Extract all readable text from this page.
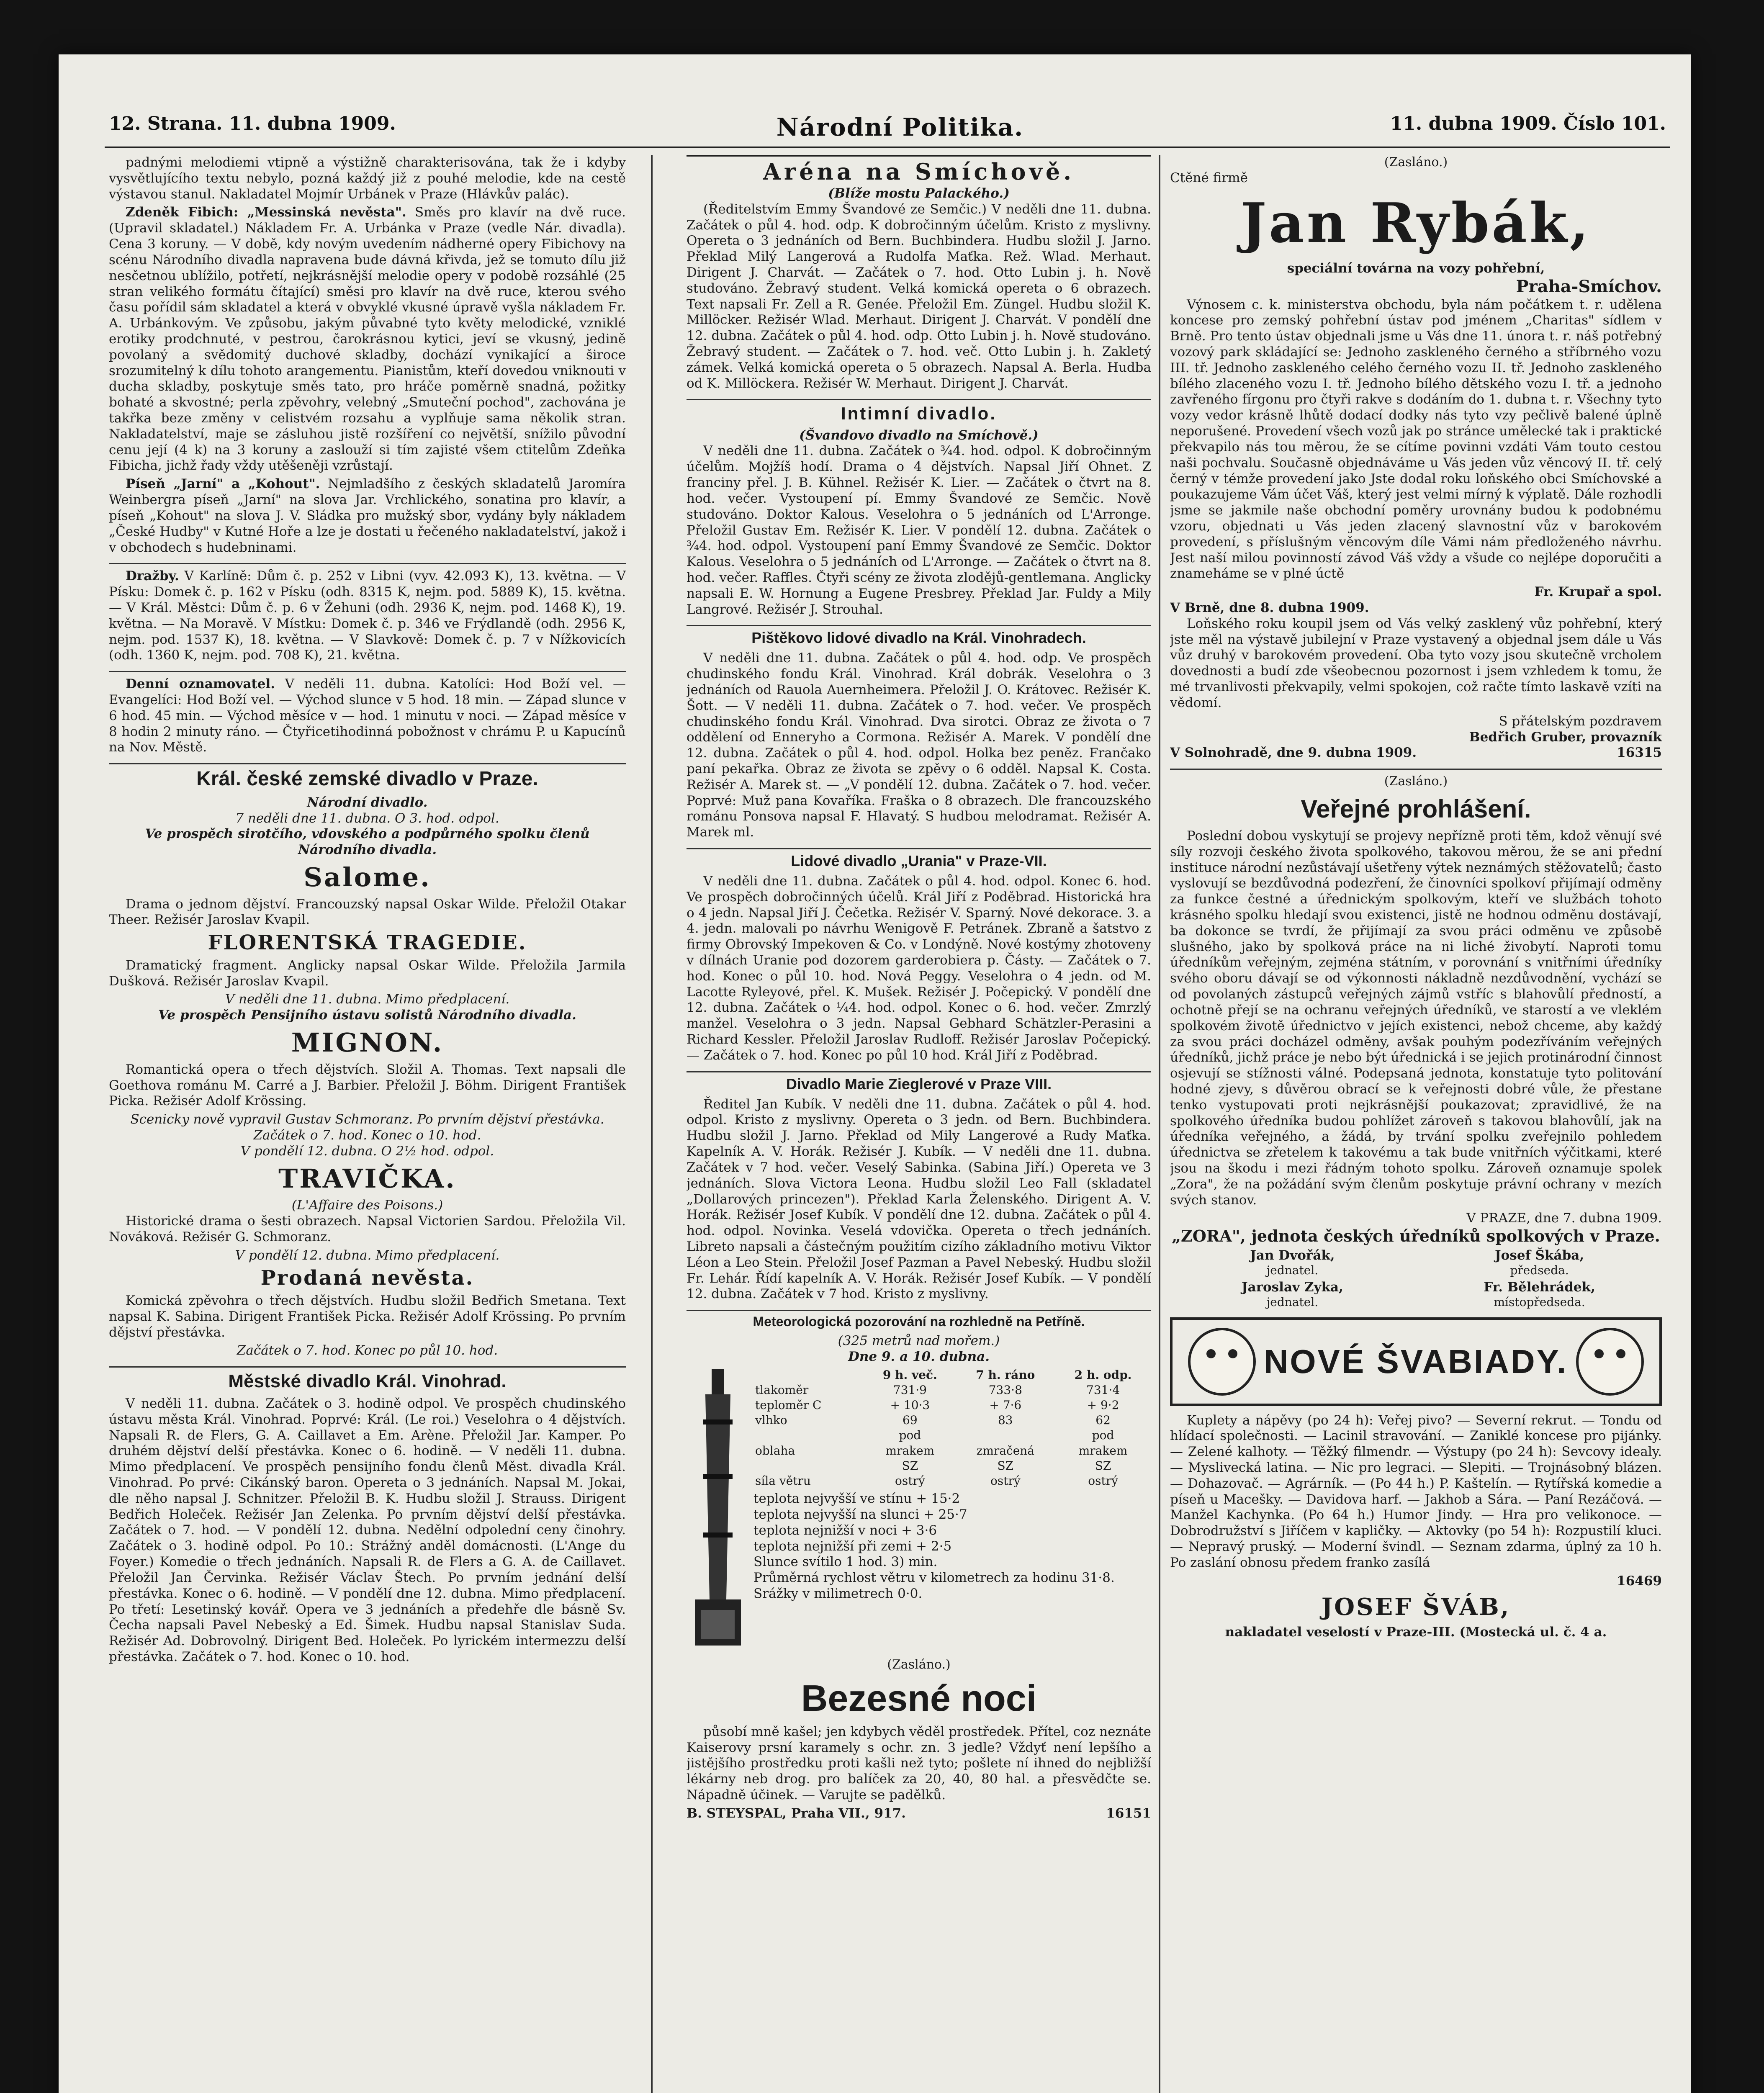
12. Strana. 11. dubna 1909.	Národní Politika.	11. dubna 1909. Číslo 101.

padnými melodiemi vtipně a výstižně charakterisována, tak že i kdyby vysvětlujícího textu nebylo, pozná každý již z pouhé melodie, kde na cestě výstavou stanul. Nakladatel Mojmír Urbánek v Praze (Hlávkův palác).

Zdeněk Fibich: „Messinská nevěsta". Směs pro klavír na dvě ruce. (Upravil skladatel.) Nákladem Fr. A. Urbánka v Praze (vedle Nár. divadla). Cena 3 koruny. — V době, kdy novým uvedením nádherné opery Fibichovy na scénu Národního divadla napravena bude dávná křivda, jež se tomuto dílu již nesčetnou ublížilo, potřetí, nejkrásnější melodie opery v podobě rozsáhlé (25 stran velikého formátu čítající) směsi pro klavír na dvě ruce, kterou svého času pořídil sám skladatel a která v obvyklé vkusné úpravě vyšla nákladem Fr. A. Urbánkovým. Ve způsobu, jakým půvabné tyto květy melodické, vzniklé erotiky prodchnuté, v pestrou, čarokrásnou kytici, jeví se vkusný, jedině povolaný a svědomitý duchové skladby, dochází vynikající a široce srozumitelný k dílu tohoto arangementu. Pianistům, kteří dovedou vniknouti v ducha skladby, poskytuje směs tato, pro hráče poměrně snadná, požitky bohaté a skvostné; perla zpěvohry, velebný „Smuteční pochod", zachována je takřka beze změny v celistvém rozsahu a vyplňuje sama několik stran. Nakladatelství, maje se zásluhou jistě rozšíření co největší, snížilo původní cenu její (4 k) na 3 koruny a zaslouží si tím zajisté všem ctitelům Zdeňka Fibicha, jichž řady vždy utěšeněji vzrůstají.

Píseň „Jarní" a „Kohout". Nejmladšího z českých skladatelů Jaromíra Weinbergra píseň „Jarní" na slova Jar. Vrchlického, sonatina pro klavír, a píseň „Kohout" na slova J. V. Sládka pro mužský sbor, vydány byly nákladem „České Hudby" v Kutné Hoře a lze je dostati u řečeného nakladatelství, jakož i v obchodech s hudebninami.

Dražby. V Karlíně: Dům č. p. 252 v Libni (vyv. 42.093 K), 13. května. — V Písku: Domek č. p. 162 v Písku (odh. 8315 K, nejm. pod. 5889 K), 15. května. — V Král. Městci: Dům č. p. 6 v Žehuni (odh. 2936 K, nejm. pod. 1468 K), 19. května. — Na Moravě. V Místku: Domek č. p. 346 ve Frýdlandě (odh. 2956 K, nejm. pod. 1537 K), 18. května. — V Slavkově: Domek č. p. 7 v Nížkovicích (odh. 1360 K, nejm. pod. 708 K), 21. května.

Denní oznamovatel. V neděli 11. dubna. Katolíci: Hod Boží vel. — Evangelíci: Hod Boží vel. — Východ slunce v 5 hod. 18 min. — Západ slunce v 6 hod. 45 min. — Východ měsíce v — hod. 1 minutu v noci. — Západ měsíce v 8 hodin 2 minuty ráno. — Čtyřicetihodinná pobožnost v chrámu P. u Kapucínů na Nov. Městě.

Král. české zemské divadlo v Praze.
Národní divadlo.
7 neděli dne 11. dubna. O 3. hod. odpol.
Ve prospěch sirotčího, vdovského a podpůrného spolku členů Národního divadla.
Salome.

Drama o jednom dějství. Francouzský napsal Oskar Wilde. Přeložil Otakar Theer. Režisér Jaroslav Kvapil.

FLORENTSKÁ TRAGEDIE.

Dramatický fragment. Anglicky napsal Oskar Wilde. Přeložila Jarmila Dušková. Režisér Jaroslav Kvapil.

V neděli dne 11. dubna. Mimo předplacení.
Ve prospěch Pensijního ústavu solistů Národního divadla.
MIGNON.

Romantická opera o třech dějstvích. Složil A. Thomas. Text napsali dle Goethova románu M. Carré a J. Barbier. Přeložil J. Böhm. Dirigent František Picka. Režisér Adolf Krössing.

Scenicky nově vypravil Gustav Schmoranz. Po prvním dějství přestávka.
Začátek o 7. hod. Konec o 10. hod.
V pondělí 12. dubna. O 2½ hod. odpol.
TRAVIČKA.
(L'Affaire des Poisons.)

Historické drama o šesti obrazech. Napsal Victorien Sardou. Přeložila Vil. Nováková. Režisér G. Schmoranz.

V pondělí 12. dubna. Mimo předplacení.
Prodaná nevěsta.

Komická zpěvohra o třech dějstvích. Hudbu složil Bedřich Smetana. Text napsal K. Sabina. Dirigent František Picka. Režisér Adolf Krössing. Po prvním dějství přestávka.

Začátek o 7. hod. Konec po půl 10. hod.
Městské divadlo Král. Vinohrad.

V neděli 11. dubna. Začátek o 3. hodině odpol. Ve prospěch chudinského ústavu města Král. Vinohrad. Poprvé: Král. (Le roi.) Veselohra o 4 dějstvích. Napsali R. de Flers, G. A. Caillavet a Em. Arène. Přeložil Jar. Kamper. Po druhém dějství delší přestávka. Konec o 6. hodině. — V neděli 11. dubna. Mimo předplacení. Ve prospěch pensijního fondu členů Měst. divadla Král. Vinohrad. Po prvé: Cikánský baron. Opereta o 3 jednáních. Napsal M. Jokai, dle něho napsal J. Schnitzer. Přeložil B. K. Hudbu složil J. Strauss. Dirigent Bedřich Holeček. Režisér Jan Zelenka. Po prvním dějství delší přestávka. Začátek o 7. hod. — V pondělí 12. dubna. Nedělní odpolední ceny činohry. Začátek o 3. hodině odpol. Po 10.: Strážný anděl domácnosti. (L'Ange du Foyer.) Komedie o třech jednáních. Napsali R. de Flers a G. A. de Caillavet. Přeložil Jan Červinka. Režisér Václav Štech. Po prvním jednání delší přestávka. Konec o 6. hodině. — V pondělí dne 12. dubna. Mimo předplacení. Po třetí: Lesetinský kovář. Opera ve 3 jednáních a předehře dle básně Sv. Čecha napsali Pavel Nebeský a Ed. Šimek. Hudbu napsal Stanislav Suda. Režisér Ad. Dobrovolný. Dirigent Bed. Holeček. Po lyrickém intermezzu delší přestávka. Začátek o 7. hod. Konec o 10. hod.

Aréna na Smíchově.
(Blíže mostu Palackého.)

(Ředitelstvím Emmy Švandové ze Semčic.) V neděli dne 11. dubna. Začátek o půl 4. hod. odp. K dobročinným účelům. Kristo z myslivny. Opereta o 3 jednáních od Bern. Buchbindera. Hudbu složil J. Jarno. Překlad Milý Langerová a Rudolfa Maťka. Rež. Wlad. Merhaut. Dirigent J. Charvát. — Začátek o 7. hod. Otto Lubin j. h. Nově studováno. Žebravý student. Velká komická opereta o 6 obrazech. Text napsali Fr. Zell a R. Genée. Přeložil Em. Züngel. Hudbu složil K. Millöcker. Režisér Wlad. Merhaut. Dirigent J. Charvát. V pondělí dne 12. dubna. Začátek o půl 4. hod. odp. Otto Lubin j. h. Nově studováno. Žebravý student. — Začátek o 7. hod. več. Otto Lubin j. h. Zakletý zámek. Velká komická opereta o 5 obrazech. Napsal A. Berla. Hudba od K. Millöckera. Režisér W. Merhaut. Dirigent J. Charvát.

Intimní divadlo.
(Švandovo divadlo na Smíchově.)

V neděli dne 11. dubna. Začátek o ¾4. hod. odpol. K dobročinným účelům. Mojžíš hodí. Drama o 4 dějstvích. Napsal Jiří Ohnet. Z franciny přel. J. B. Kühnel. Režisér K. Lier. — Začátek o čtvrt na 8. hod. večer. Vystoupení pí. Emmy Švandové ze Semčic. Nově studováno. Doktor Kalous. Veselohra o 5 jednáních od L'Arronge. Přeložil Gustav Em. Režisér K. Lier. V pondělí 12. dubna. Začátek o ¾4. hod. odpol. Vystoupení paní Emmy Švandové ze Semčic. Doktor Kalous. Veselohra o 5 jednáních od L'Arronge. — Začátek o čtvrt na 8. hod. večer. Raffles. Čtyři scény ze života zlodějů-gentlemana. Anglicky napsali E. W. Hornung a Eugene Presbrey. Překlad Jar. Fuldy a Mily Langrové. Režisér J. Strouhal.

Pištěkovo lidové divadlo na Král. Vinohradech.

V neděli dne 11. dubna. Začátek o půl 4. hod. odp. Ve prospěch chudinského fondu Král. Vinohrad. Král dobrák. Veselohra o 3 jednáních od Rauola Auernheimera. Přeložil J. O. Krátovec. Režisér K. Šott. — V neděli 11. dubna. Začátek o 7. hod. večer. Ve prospěch chudinského fondu Král. Vinohrad. Dva sirotci. Obraz ze života o 7 oddělení od Enneryho a Cormona. Režisér A. Marek. V pondělí dne 12. dubna. Začátek o půl 4. hod. odpol. Holka bez peněz. Frančako paní pekařka. Obraz ze života se zpěvy o 6 odděl. Napsal K. Costa. Režisér A. Marek st. — „V pondělí 12. dubna. Začátek o 7. hod. večer. Poprvé: Muž pana Kovaříka. Fraška o 8 obrazech. Dle francouzského románu Ponsova napsal F. Hlavatý. S hudbou melodramat. Režisér A. Marek ml.

Lidové divadlo „Urania" v Praze-VII.

V neděli dne 11. dubna. Začátek o půl 4. hod. odpol. Konec 6. hod. Ve prospěch dobročinných účelů. Král Jiří z Poděbrad. Historická hra o 4 jedn. Napsal Jiří J. Čečetka. Režisér V. Sparný. Nové dekorace. 3. a 4. jedn. malovali po návrhu Wenigově F. Petránek. Zbraně a šatstvo z firmy Obrovský Impekoven & Co. v Londýně. Nové kostýmy zhotoveny v dílnách Uranie pod dozorem garderobiera p. Částy. — Začátek o 7. hod. Konec o půl 10. hod. Nová Peggy. Veselohra o 4 jedn. od M. Lacotte Ryleyové, přel. K. Mušek. Režisér J. Počepický. V pondělí dne 12. dubna. Začátek o ¼4. hod. odpol. Konec o 6. hod. večer. Zmrzlý manžel. Veselohra o 3 jedn. Napsal Gebhard Schätzler-Perasini a Richard Kessler. Přeložil Jaroslav Rudloff. Režisér Jaroslav Počepický. — Začátek o 7. hod. Konec po půl 10 hod. Král Jiří z Poděbrad.

Divadlo Marie Zieglerové v Praze VIII.

Ředitel Jan Kubík. V neděli dne 11. dubna. Začátek o půl 4. hod. odpol. Kristo z myslivny. Opereta o 3 jedn. od Bern. Buchbindera. Hudbu složil J. Jarno. Překlad od Mily Langerové a Rudy Maťka. Kapelník A. V. Horák. Režisér J. Kubík. — V neděli dne 11. dubna. Začátek v 7 hod. večer. Veselý Sabinka. (Sabina Jiří.) Opereta ve 3 jednáních. Slova Victora Leona. Hudbu složil Leo Fall (skladatel „Dollarových princezen"). Překlad Karla Želenského. Dirigent A. V. Horák. Režisér Josef Kubík. V pondělí dne 12. dubna. Začátek o půl 4. hod. odpol. Novinka. Veselá vdovička. Opereta o třech jednáních. Libreto napsali a částečným použitím cizího základního motivu Viktor Léon a Leo Stein. Přeložil Josef Pazman a Pavel Nebeský. Hudbu složil Fr. Lehár. Řídí kapelník A. V. Horák. Režisér Josef Kubík. — V pondělí 12. dubna. Začátek v 7 hod. Kristo z myslivny.

Meteorologická pozorování na rozhledně na Petříně.
(325 metrů nad mořem.)
Dne 9. a 10. dubna.
	9 h. več.	7 h. ráno	2 h. odp.
tlakoměr	731·9	733·8	731·4
teploměr C	+ 10·3	+ 7·6	+ 9·2
vlhko	69	83	62
	pod		pod
oblaha	mrakem	zmračená	mrakem
	SZ	SZ	SZ
síla větru	ostrý	ostrý	ostrý
teplota nejvyšší ve stínu + 15·2
teplota nejvyšší na slunci + 25·7
teplota nejnižší v noci + 3·6
teplota nejnižší při zemi + 2·5
Slunce svítilo 1 hod. 3) min.
Průměrná rychlost větru v kilometrech za hodinu 31·8.
Srážky v milimetrech 0·0.
(Zasláno.)
Bezesné noci

působí mně kašel; jen kdybych věděl prostředek. Přítel, coz neznáte Kaiserovy prsní karamely s ochr. zn. 3 jedle? Vždyť není lepšího a jistějšího prostředku proti kašli než tyto; pošlete ní ihned do nejbližší lékárny neb drog. pro balíček za 20, 40, 80 hal. a přesvědčte se. Nápadně účinek. — Varujte se padělků.

B. STEYSPAL, Praha VII., 917.	16151
(Zasláno.)
Ctěné firmě
Jan Rybák,
speciální továrna na vozy pohřební,
Praha-Smíchov.

Výnosem c. k. ministerstva obchodu, byla nám počátkem t. r. udělena koncese pro zemský pohřební ústav pod jménem „Charitas" sídlem v Brně. Pro tento ústav objednali jsme u Vás dne 11. února t. r. náš potřebný vozový park skládající se: Jednoho zaskleného černého a stříbrného vozu III. tř. Jednoho zaskleného celého černého vozu II. tř. Jednoho zaskleného bílého zlaceného vozu I. tř. Jednoho bílého dětského vozu I. tř. a jednoho zavřeného fírgonu pro čtyři rakve s dodáním do 1. dubna t. r. Všechny tyto vozy vedor krásně lhůtě dodací dodky nás tyto vzy pečlivě balené úplně neporušené. Provedení všech vozů jak po stránce umělecké tak i praktické překvapilo nás tou měrou, že se cítíme povinni vzdáti Vám touto cestou naši pochvalu. Současně objednáváme u Vás jeden vůz věncový II. tř. celý černý v témže provedení jako Jste dodal roku loňského obci Smíchovské a poukazujeme Vám účet Váš, který jest velmi mírný k výplatě. Dále rozhodli jsme se jakmile naše obchodní poměry urovnány budou k podobnému vzoru, objednati u Vás jeden zlacený slavnostní vůz v barokovém provedení, s příslušným věncovým díle Vámi nám předloženého návrhu. Jest naší milou povinností závod Váš vždy a všude co nejlépe doporučiti a znameháme se v plné úctě

Fr. Krupař a spol.
V Brně, dne 8. dubna 1909.

Loňského roku koupil jsem od Vás velký zasklený vůz pohřební, který jste měl na výstavě jubilejní v Praze vystavený a objednal jsem dále u Vás vůz druhý v barokovém provedení. Oba tyto vozy jsou skutečně vrcholem dovednosti a budí zde všeobecnou pozornost i jsem vzhledem k tomu, že mé trvanlivosti překvapily, velmi spokojen, což račte tímto laskavě vzíti na vědomí.

S přátelským pozdravem
Bedřich Gruber, provazník
V Solnohradě, dne 9. dubna 1909.	16315
(Zasláno.)
Veřejné prohlášení.

Poslední dobou vyskytují se projevy nepřízně proti těm, kdož věnují své síly rozvoji českého života spolkového, takovou měrou, že se ani přední instituce národní nezůstávají ušetřeny výtek neznámých stěžovatelů; často vyslovují se bezdůvodná podezření, že činovníci spolkoví přijímají odměny za funkce čestné a úřednickým spolkovým, kteří ve službách tohoto krásného spolku hledají svou existenci, jistě ne hodnou odměnu dostávají, ba dokonce se tvrdí, že přijímají za svou práci odměnu ve způsobě slušného, jako by spolková práce na ni liché živobytí. Naproti tomu úředníkům veřejným, zejména státním, v porovnání s vnitřními úředníky svého oboru dávají se od výkonnosti nákladně nezdůvodnění, vychází se od povolaných zástupců veřejných zájmů vstříc s blahovůlí předností, a ochotně přejí se na ochranu veřejných úředníků, ve starostí a ve vleklém spolkovém životě úřednictvo v jejích existenci, nebož chceme, aby každý za svou práci docházel odměny, avšak pouhým podezříváním veřejných úředníků, jichž práce je nebo být úřednická i se jejich protinárodní činnost osjevují se stížnosti válné. Podepsaná jednota, konstatuje tyto politování hodné zjevy, s důvěrou obrací se k veřejnosti dobré vůle, že přestane tenko vystupovati proti nejkrásnější poukazovat; zpravidlivé, že na spolkového úředníka budou pohlížet zároveň s takovou blahovůlí, jak na úředníka veřejného, a žádá, by trvání spolku zveřejnilo pohledem úřednictva se zřetelem k takovému a tak bude vnitřních výčitkami, které jsou na škodu i mezi řádným tohoto spolku. Zároveň oznamuje spolek „Zora", že na požádání svým členům poskytuje právní ochrany v mezích svých stanov.

V PRAZE, dne 7. dubna 1909.
„ZORA", jednota českých úředníků spolkových v Praze.
Jan Dvořák,
jednatel.
Josef Škába,
předseda.
Jaroslav Zyka,
jednatel.
Fr. Bělehrádek,
místopředseda.
NOVÉ ŠVABIADY.

Kuplety a nápěvy (po 24 h): Veřej pivo? — Severní rekrut. — Tondu od hlídací společnosti. — Lacinil stravování. — Zaniklé koncese pro pijánky. — Zelené kalhoty. — Těžký filmendr. — Výstupy (po 24 h): Sevcovy idealy. — Myslivecká latina. — Nic pro legraci. — Slepiti. — Trojnásobný blázen. — Dohazovač. — Agrárník. — (Po 44 h.) P. Kaštelín. — Rytířská komedie a píseň u Macešky. — Davidova harf. — Jakhob a Sára. — Paní Rezáčová. — Manžel Kachynka. (Po 64 h.) Humor Jindy. — Hra pro velikonoce. — Dobrodružství s Jiříčem v kapličky. — Aktovky (po 54 h): Rozpustilí kluci. — Nepravý pruský. — Moderní švindl. — Seznam zdarma, úplný za 10 h. Po zaslání obnosu předem franko zasílá

16469
JOSEF ŠVÁB,
nakladatel veselostí v Praze-III. (Mostecká ul. č. 4 a.
